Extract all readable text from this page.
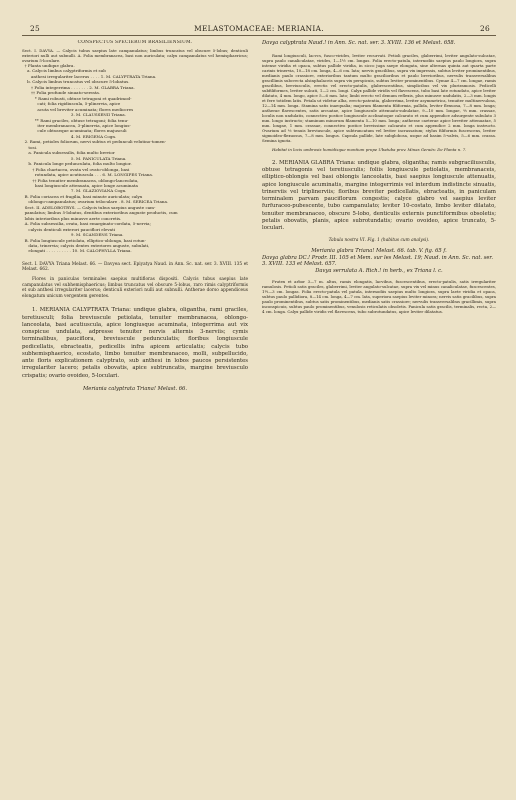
25	MELASTOMACEAE: MERIANIA.	26
CONSPECTUS SPECIERUM BRASILIENSIUM.

Sect. I. DAVYA. — Calycis tubus saepius late campanulatus; limbus truncatus vel obscure 5-lobus; denticuli exteriori nulli aut subnulli. A. Folia membranacea, basi non auriculata; calyx campanulatus vel hemisphaericus; ovarium 5-loculare.

† Planta undique glabra.
a. Calycis limbus calyptriformis et sub
anthesi irregulariter lacerus . . . . 1. M. CALYPTRATA Triana.
b. Calycis limbus truncatus vel obscure 5-lobatus.
† Folia integerrima . . . . . . . 2. M. GLABRA Triana.
†† Folia profunde sinuato-serrata.
* Rami robusti, obtuse tetragoni et quadrimod-
cati; folia rigidiuscula, 5-plinervia, apice
acuta vel breviter acuminata; flores mediocres
3. M. CLAUSSENII Triana.
** Rami graciles, obtuse tetragoni; folia tenu-
iter membranacea, 3-plinervia, apice longius-
cule obtuseque acuminata; flores majusculi
4. M. ERIGENA Cogn.
2. Rami, petioles foliorum, nervi subtus et pedunculi velutino-tomen-
tosi.
a. Panicula subsessilis, folia multo brevior
5. M. PANICULATA Triana.
b. Panicula longe pedunculata, folia multo longior.
† Folia chartacea, ovata vel ovato-oblonga, basi
rotundata, apice acutiuscula . . . 6. M. LONGIPES Triana.
†† Folia tenuiter membranacea, oblongo-lanceolata,
basi longiuscule attenuata, apice longe acuminata
7. M. GLAZIOVIANA Cogn.
B. Folia coriacea et fragilia, basi minute auriculata; calyx
oblongo-campanulatus; ovarium triloculare . 8. M. SERICEA Triana.
Sect. II. ADELOBOTRYS. — Calycis tubus saepius anguste cam-
panulatus; limbus 5-lobatus, dentibus exterioribus anguste productis, cum
lobis interioribus plus minusve aerte concretis.
A. Folia subsessilia, ovata, basi emarginato-cordata, 5-nervia;
calycis denticuli exterori pauciflori elevati
9. M. SCANDENS Triana.
B. Folia longiuscule petiolata, elliptico-oblonga, basi rotun-
data, trinervia; calycis dentes exteriores anguste, subulati,
elongati . . . . . . . . . . 10. M. CALOPHYLLA Triana.

Sect. I. DAVYA Triana Melast. 66. — Davyea sect. Epiyatya Naud. in Ann. Sc. nat. ser. 3. XVIII. 135 et Melast. 662.

Flores in paniculas terminales saepius multifloras dispositi. Calycis tubus saepius late campanulatus vel subhemisphaericus; limbus truncatus vel obscure 5-lobus, raro rimis calyptriformis et sub anthesi irregulariter lacerus; denticuli exteriori nulli aut subnulli. Antherae dorso appendiceus elongatum unicum vergentem gerentes.

1. MERIANIA CALYPTRATA Triana: undique glabra, oligantha, rami graciles, teretiusculi; folia breviuscule petiolata, tenuiter membranacea, oblongo-lanceolata, basi acutiuscula, apice longiusque acuminata, integerrima aut vix conspicue undulata, adpresse tenuiter nervis alternis 3-nerviis; cymis terminalibus, pauciflora, breviuscule pedunculatis; floribus longiuscule pedicellatis, ebracteatis, pedicellis infra apicem articulatis; calycis tubo subhemisphaerico, ecostato, limbo tenuiter membranaceo, molli, subpellucido, ante floris explicationem calyptrato, sub anthesi in lobos paucos persistentes irregulariter lacero; petalis obovatis, apice subtruncatis, margine breviusculo crispatis; ovario ovoideo, 5-loculari.

Meriania calyptrata Triana! Melast. 66.

Davya calyptrata Naud.! in Ann. Sc. nat. ser. 3. XVIII. 136 et Melast. 658.

Rami longiusculi, lacvcs, fusco-virides, leviter recurvati. Petioli graciles, glaberrimi, leviter angulato-sulcatae, supra paulo canaliculatae, virides, 1—1½ cm. longas. Folia erecto-patula, internodiis saepius paulo longiora, supra intense viridia et opaca, subtus pallide viridia, in sicco juga saepe elongata, sine alternas quinta aut quarta parte carinis trinervia, 10—18 cm. longa, 4—6 cm. lata; nervis gracilibus, supra vix impressis, subtus leviter prominentibus, medianis paulo crassiore, exterioribus tantum multo gracilioribus et paulo brevioribus, nervulis transversalibus gracillimis subcrecta alsinphalaceis supra vix perspicuis, subtus leviter prominentibus. Cymae 4—7 cm. longae, ramis gracilibus, breviusculis, erectis vel erecto-patulis, glabrescentibus, simplicibus vel vix pluriramosis. Pedicelli subfiliformes, leviter sulcati, 1—2 cm. longi. Calyx pallide viridis vel flavescens, tubo basi late rotundato, apice leviter dilatato, 4 mm. longo, apice 5—6 mm. lato; limbi erecto vel demum reflexis, plus minusve undulatis, 2—3 mm. longis et fere totidem latis. Petala ut videtur alba, erecto-patentia, glaberrima, leviter asymmetrica, tenuiter multinervulosa, 12—14 mm. longa. Stamina satis inaequalia; majorum filamenta filiformia, pallida, leviter flexuosa, 7—8 mm. longa; antherae flavescentes, satis arcuatae, apice longiuscule attenuato-subulatae, 9—10 mm. longae, ⅔ mm. crassae, loculis non undulatis, connectivo postice longiuscule acclinatoque calcarato et cum appendice adsurgente subulato 3 mm. longo instructo; staminum minorum filamenta 5—10 mm. longa; antherae caeterae apice breviter attenuatae, 5 mm. longae, 1 mm. crassae, connectivo postice brevissime calcarato et cum appendice 2 mm. longa instructo. Ovarium ad ⅔ tenuis breviuscule, apice subtruncatum vel leviter incrassatum; stylus filiformis fuscescens, leviter sigmoideo-flexuosus, 7—8 mm. longus. Capsula pallide, late subglobosa, usque ad basim 5-valvis, 5—6 mm. crassa. Semina ignota.

Habitat in locis umbrosis humidisque montium prope Ubatuba prov. Minas Geraës: De Planta n. 7.

2. MERIANIA GLABRA Triana: undique glabra, oligantha; ramis subgraciliusculis, obtuse tetragonis vel teretiusculis; foliis longiuscule petiolatis, membranaceis, elliptico-oblongis vel basi oblongis lanceolatis, basi saepius longiuscule attenuatis, apice longiuscule acuminatis, margine integerrimis vel interdum indistincte sinuatis, trinerviis vel triplinerviis; floribus breviter pedicellatis, ebracteatis, in paniculam terminalem parvam pauciflorum congestis; calyce glabro vel saepius leviter furfuraceo-pubescente, tubo campanulato; leviter 10-costato, limbo leviter dilatato, tenuiter membranaceo, obscure 5-lobo, denticulis externis punctiformibus obsoletis; petalis obovatis, planis, apice subrotundatis; ovario ovoideo, apice truncato, 5-loculari.

Tabula nostra VI. Fig. 1 (habitus cum analysi).

Meriania glabra Triana! Melast. 66. tab. V. fig. 65 f.

Davya glabra DC.! Prodr. III. 105 et Mem. sur les Melast. 19; Naud. in Ann. Sc. nat. ser. 3. XVIII. 133 et Melast. 657.

Davya serrulata A. Rich.! in herb., ex Triana l. c.

Frutex et arbor 3—7 m. altus, ramis elongatis, lacvibus, fuscescentibus, erecto-patulis, satis irregulariter ramulosis. Petioli satis graciles, glaberrimi, leviter angulato-sulcatae, supra vix vel minus canaliculatae, fuscescentes, 1½—3 cm. longas. Folia erecto-patula vel patula, internodiis saepius multo longiora, supra laete viridia et opaca, subtus paulo pallidiora, 8—14 cm. longa, 4—7 cm. lata, superiora saepius leviter minora; nervis satis gracilibus, supra paulo prominentibus, subtus satis prominentibus, medianis satis crassiore; nervulis transversalibus gracillimis, supra inconspicuis, subtus paulo prominentibus, venulosis reticulatis obsoletis. Panicula satis gracilis, terminalis, recta, 2—4 cm. longa. Calyx pallide viridis vel flavescens, tubo subrotundatus, apice leviter dilatatus.
